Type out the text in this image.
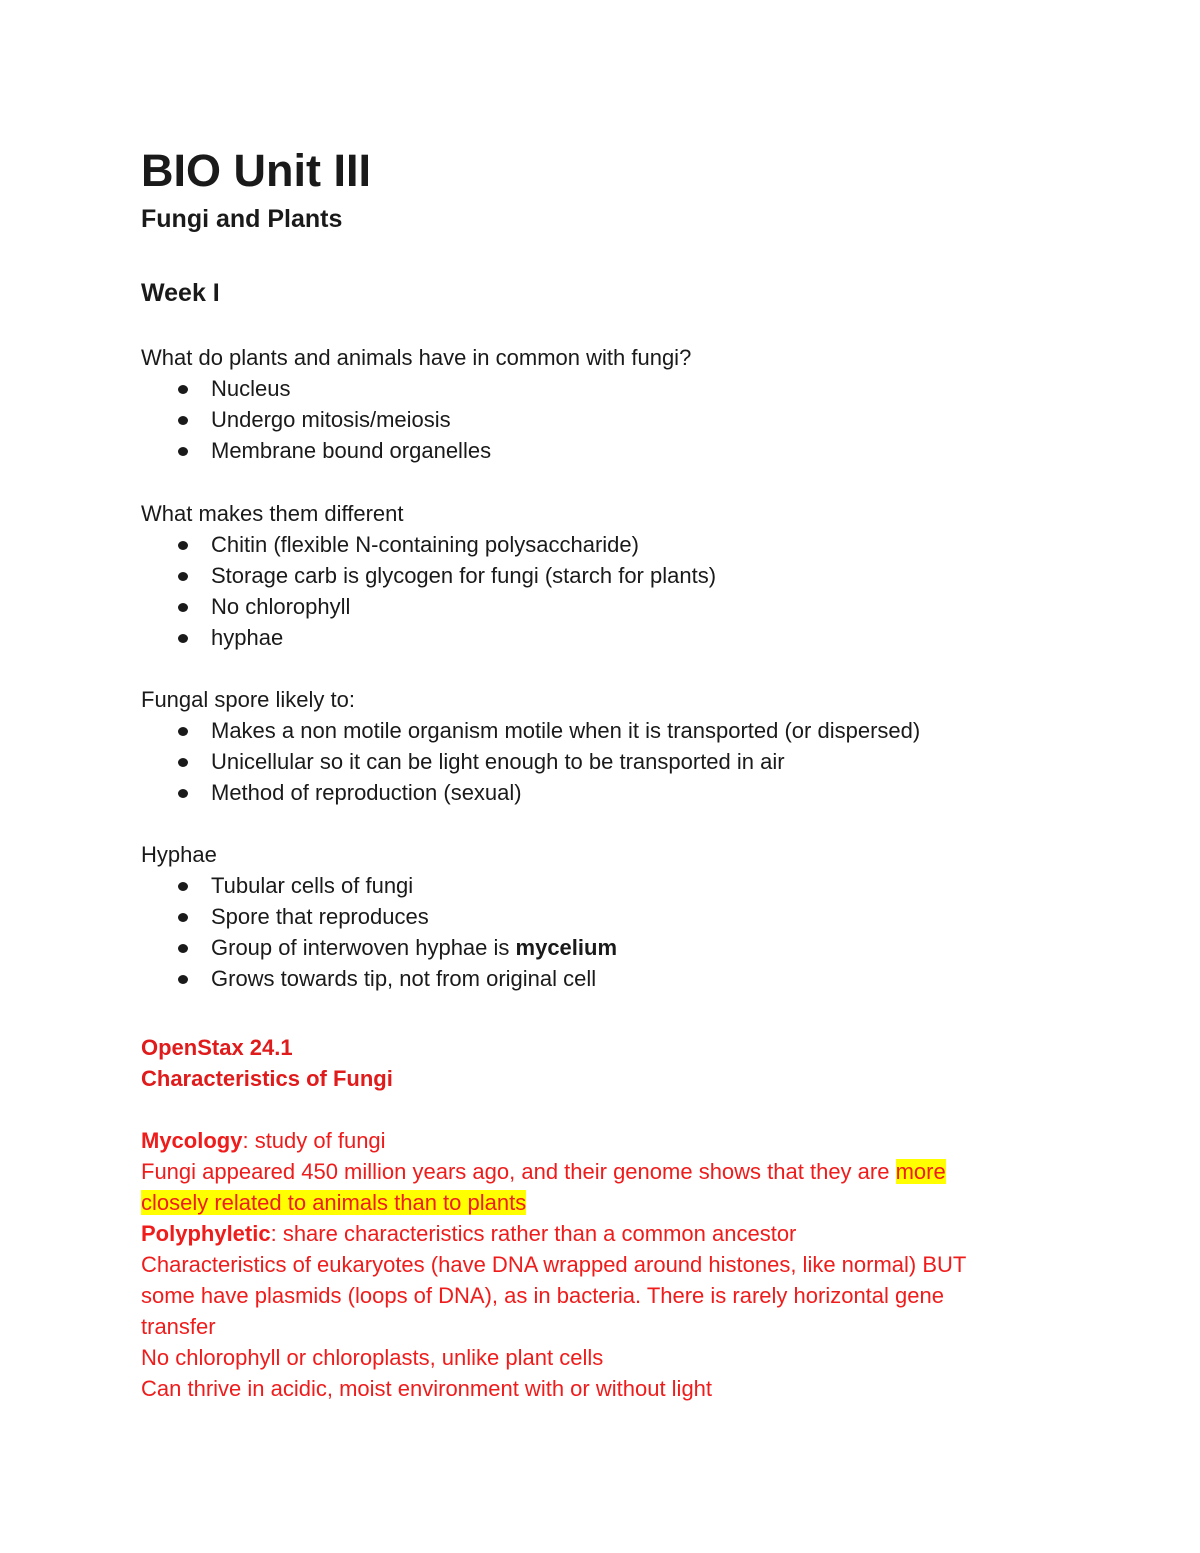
BIO Unit III
Fungi and Plants
Week I

What do plants and animals have in common with fungi?

Nucleus
Undergo mitosis/meiosis
Membrane bound organelles

What makes them different

Chitin (flexible N-containing polysaccharide)
Storage carb is glycogen for fungi (starch for plants)
No chlorophyll
hyphae

Fungal spore likely to:

Makes a non motile organism motile when it is transported (or dispersed)
Unicellular so it can be light enough to be transported in air
Method of reproduction (sexual)

Hyphae

Tubular cells of fungi
Spore that reproduces
Group of interwoven hyphae is mycelium
Grows towards tip, not from original cell

OpenStax 24.1

Characteristics of Fungi

Mycology: study of fungi

Fungi appeared 450 million years ago, and their genome shows that they are more

closely related to animals than to plants

Polyphyletic: share characteristics rather than a common ancestor

Characteristics of eukaryotes (have DNA wrapped around histones, like normal) BUT

some have plasmids (loops of DNA), as in bacteria. There is rarely horizontal gene

transfer

No chlorophyll or chloroplasts, unlike plant cells

Can thrive in acidic, moist environment with or without light
